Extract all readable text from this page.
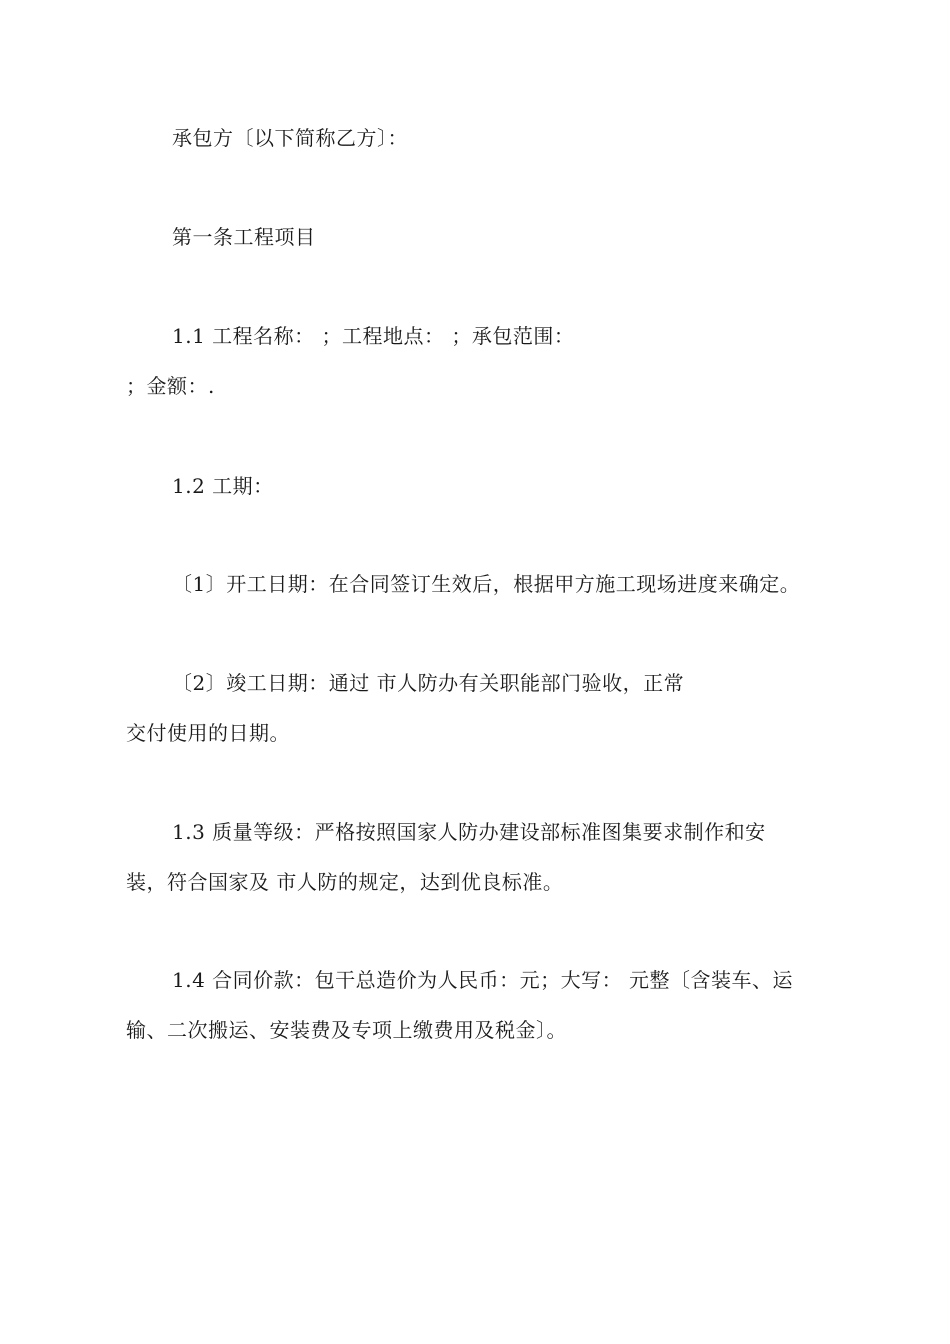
承包方〔以下简称乙方〕：
第一条工程项目
1.1 工程名称： ；工程地点： ；承包范围：
；金额：.
1.2 工期：
〔1〕开工日期：在合同签订生效后，根据甲方施工现场进度来确定。
〔2〕竣工日期：通过 市人防办有关职能部门验收，正常
交付使用的日期。
1.3 质量等级：严格按照国家人防办建设部标准图集要求制作和安
装，符合国家及 市人防的规定，达到优良标准。
1.4 合同价款：包干总造价为人民币：元；大写： 元整〔含装车、运
输、二次搬运、安装费及专项上缴费用及税金〕。
